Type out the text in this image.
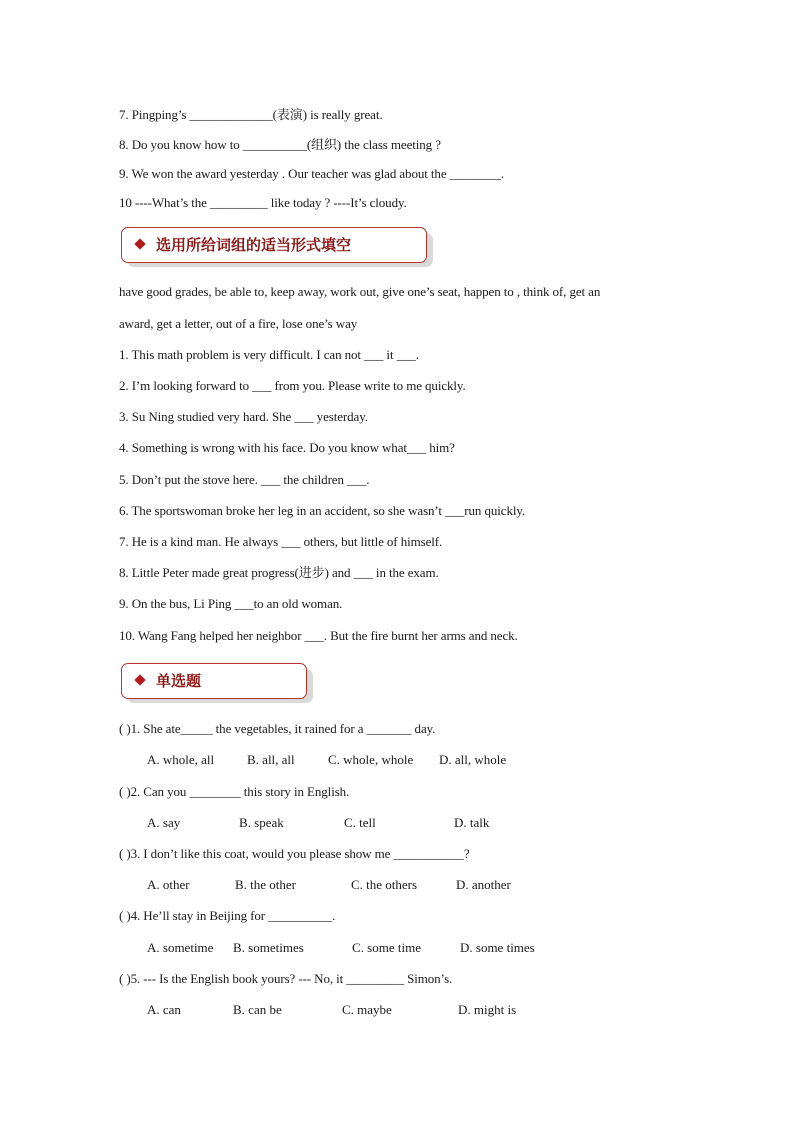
7. Pingping’s _____________(表演) is really great.
8. Do you know how to __________(组织) the class meeting ?
9. We won the award yesterday . Our teacher was glad about the ________.
10 ----What’s the _________ like today ? ----It’s cloudy.
选用所给词组的适当形式填空
have good grades, be able to, keep away, work out, give one’s seat, happen to , think of, get an
award, get a letter, out of a fire, lose one’s way
1. This math problem is very difficult. I can not ___ it ___.
2. I’m looking forward to ___ from you. Please write to me quickly.
3. Su Ning studied very hard. She ___ yesterday.
4. Something is wrong with his face. Do you know what___ him?
5. Don’t put the stove here. ___ the children ___.
6. The sportswoman broke her leg in an accident, so she wasn’t ___run quickly.
7. He is a kind man. He always ___ others, but little of himself.
8. Little Peter made great progress(进步) and ___ in the exam.
9. On the bus, Li Ping ___to an old woman.
10. Wang Fang helped her neighbor ___. But the fire burnt her arms and neck.
单选题
( )1. She ate_____ the vegetables, it rained for a _______ day.
A. whole, all	B. all, all	C. whole, whole D. all, whole
( )2. Can you ________ this story in English.
A. say	B. speak	C. tell	D. talk
( )3. I don’t like this coat, would you please show me ___________?
A. other	B. the other	C. the others	D. another
( )4. He’ll stay in Beijing for __________.
A. sometime B. sometimes	C. some time	D. some times
( )5. --- Is the English book yours? --- No, it _________ Simon’s.
A. can	B. can be	C. maybe	D. might is
